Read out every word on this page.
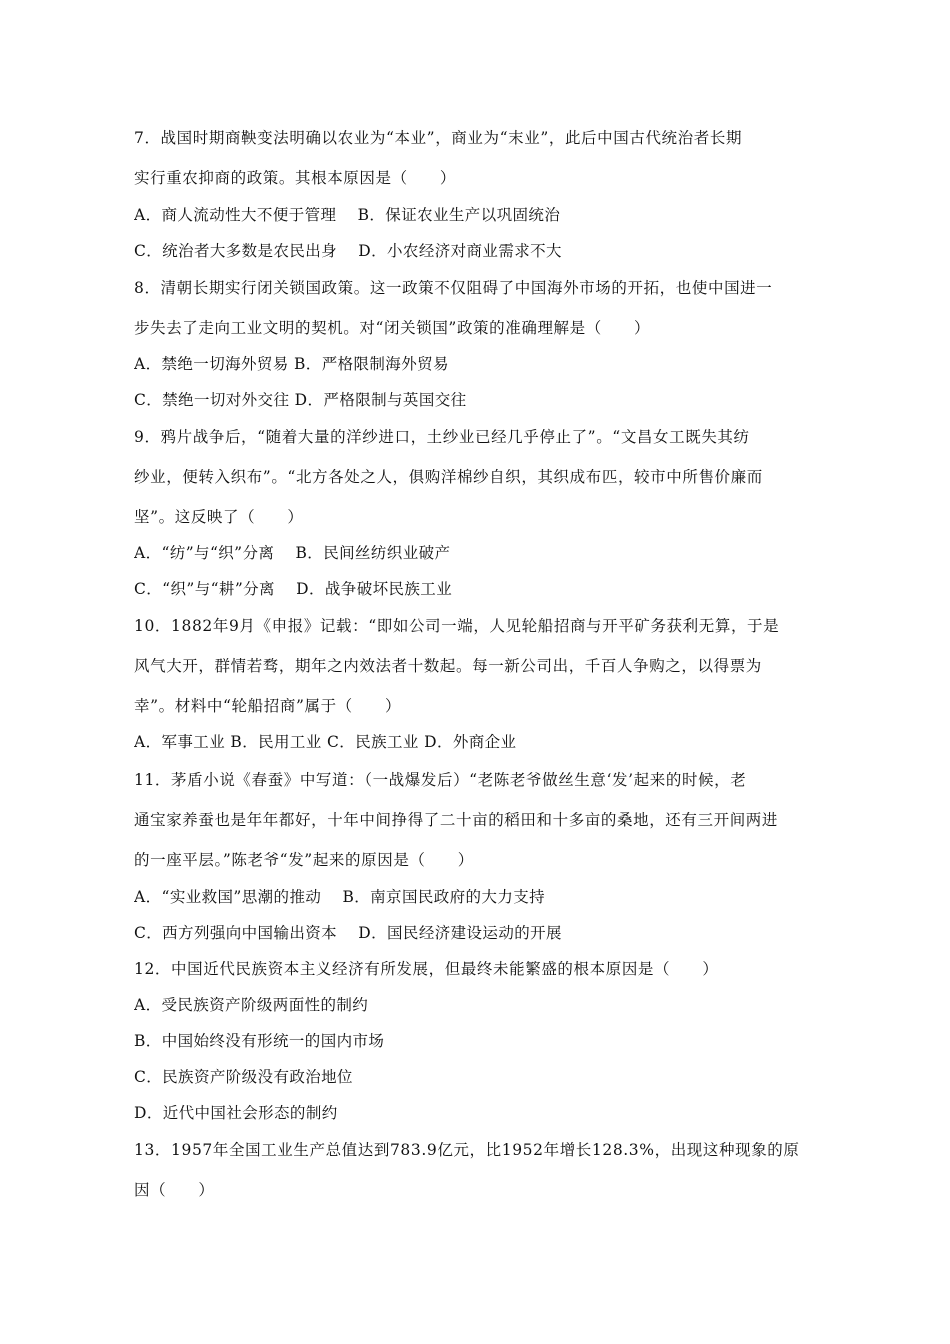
7．战国时期商鞅变法明确以农业为“本业”，商业为“末业”，此后中国古代统治者长期
实行重农抑商的政策。其根本原因是（　　）
A．商人流动性大不便于管理　 B．保证农业生产以巩固统治
C．统治者大多数是农民出身　 D．小农经济对商业需求不大
8．清朝长期实行闭关锁国政策。这一政策不仅阻碍了中国海外市场的开拓，也使中国进一
步失去了走向工业文明的契机。对“闭关锁国”政策的准确理解是（　　）
A．禁绝一切海外贸易 B．严格限制海外贸易
C．禁绝一切对外交往 D．严格限制与英国交往
9．鸦片战争后，“随着大量的洋纱进口，土纱业已经几乎停止了”。“文昌女工既失其纺
纱业，便转入织布”。“北方各处之人，俱购洋棉纱自织，其织成布匹，较市中所售价廉而
坚”。这反映了（　　）
A．“纺”与“织”分离　 B．民间丝纺织业破产
C．“织”与“耕”分离　 D．战争破坏民族工业
10．1882年9月《申报》记载：“即如公司一端，人见轮船招商与开平矿务获利无算，于是
风气大开，群情若骛，期年之内效法者十数起。每一新公司出，千百人争购之，以得票为
幸”。材料中“轮船招商”属于（　　）
A．军事工业 B．民用工业 C．民族工业 D．外商企业
11．茅盾小说《春蚕》中写道：（一战爆发后）“老陈老爷做丝生意‘发’起来的时候，老
通宝家养蚕也是年年都好，十年中间挣得了二十亩的稻田和十多亩的桑地，还有三开间两进
的一座平层。”陈老爷“发”起来的原因是（　　）
A．“实业救国”思潮的推动　 B．南京国民政府的大力支持
C．西方列强向中国输出资本　 D．国民经济建设运动的开展
12．中国近代民族资本主义经济有所发展，但最终未能繁盛的根本原因是（　　）
A．受民族资产阶级两面性的制约
B．中国始终没有形统一的国内市场
C．民族资产阶级没有政治地位
D．近代中国社会形态的制约
13．1957年全国工业生产总值达到783.9亿元，比1952年增长128.3%，出现这种现象的原
因（　　）
